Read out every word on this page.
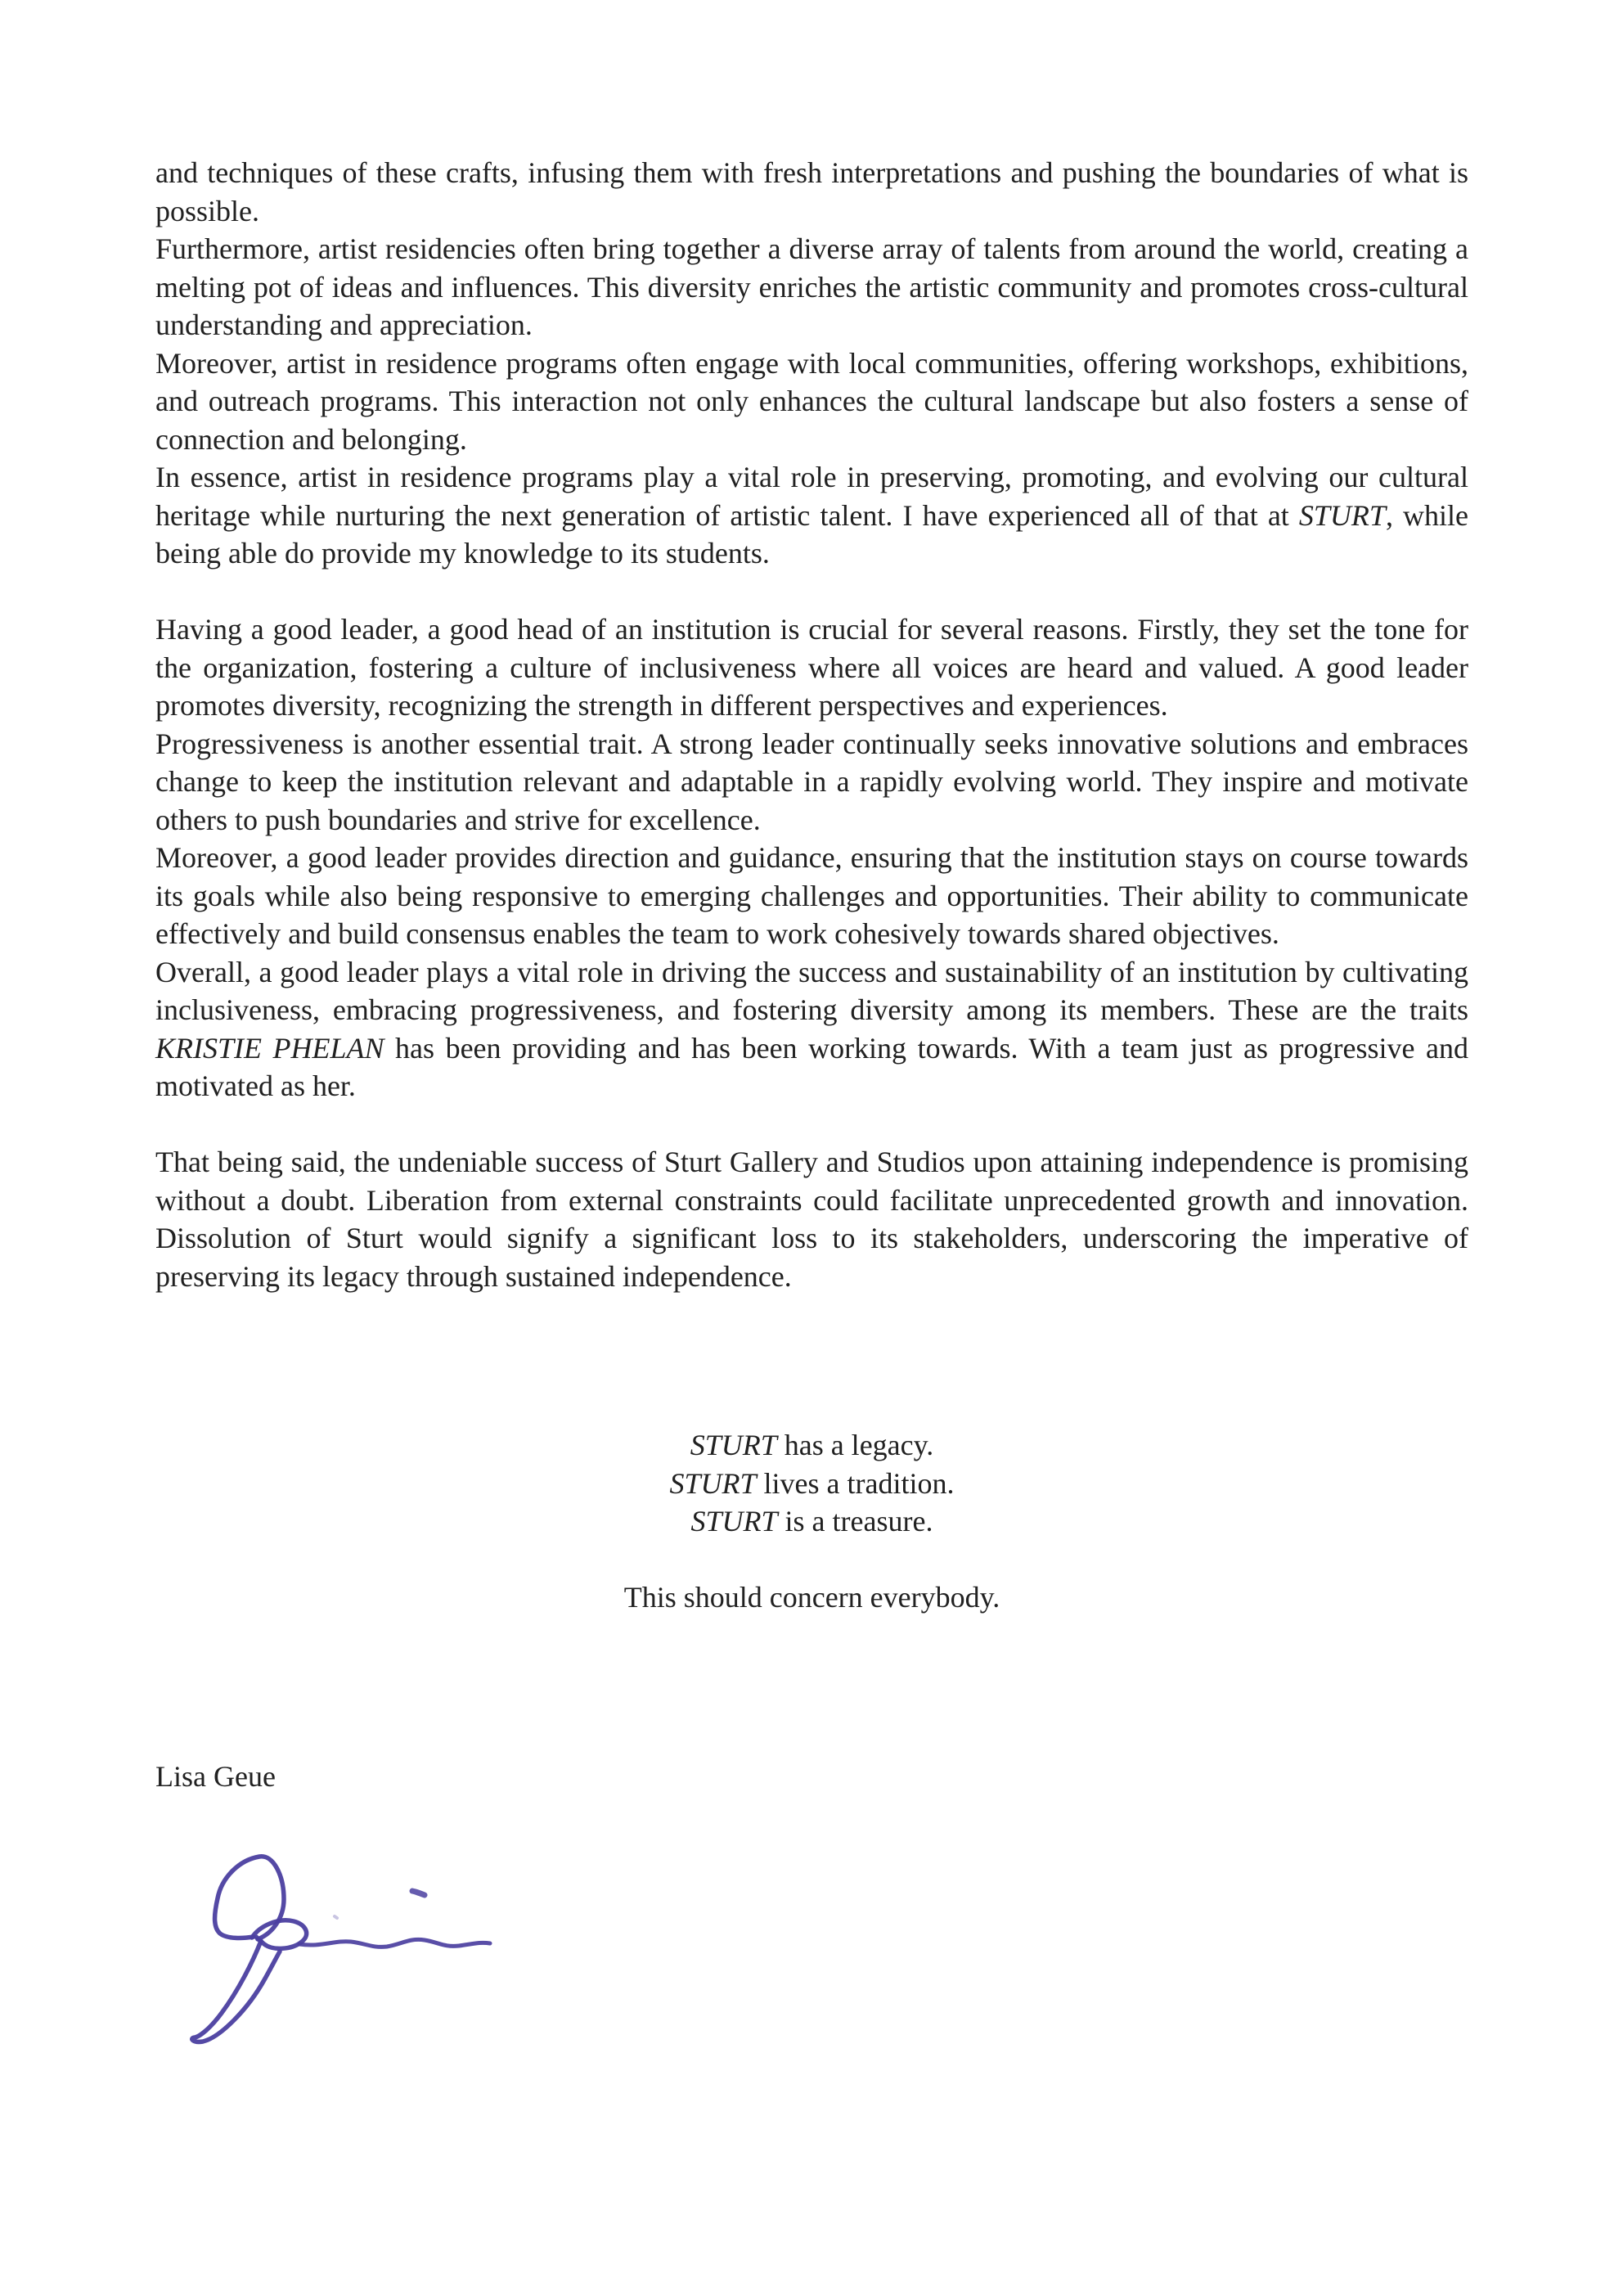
and techniques of these crafts, infusing them with fresh interpretations and pushing the boundaries of what is possible.

Furthermore, artist residencies often bring together a diverse array of talents from around the world, creating a melting pot of ideas and influences. This diversity enriches the artistic community and promotes cross-cultural understanding and appreciation.

Moreover, artist in residence programs often engage with local communities, offering workshops, exhibitions, and outreach programs. This interaction not only enhances the cultural landscape but also fosters a sense of connection and belonging.

In essence, artist in residence programs play a vital role in preserving, promoting, and evolving our cultural heritage while nurturing the next generation of artistic talent. I have experienced all of that at STURT, while being able do provide my knowledge to its students.

Having a good leader, a good head of an institution is crucial for several reasons. Firstly, they set the tone for the organization, fostering a culture of inclusiveness where all voices are heard and valued. A good leader promotes diversity, recognizing the strength in different perspectives and experiences.

Progressiveness is another essential trait. A strong leader continually seeks innovative solutions and embraces change to keep the institution relevant and adaptable in a rapidly evolving world. They inspire and motivate others to push boundaries and strive for excellence.

Moreover, a good leader provides direction and guidance, ensuring that the institution stays on course towards its goals while also being responsive to emerging challenges and opportunities. Their ability to communicate effectively and build consensus enables the team to work cohesively towards shared objectives.

Overall, a good leader plays a vital role in driving the success and sustainability of an institution by cultivating inclusiveness, embracing progressiveness, and fostering diversity among its members. These are the traits KRISTIE PHELAN has been providing and has been working towards. With a team just as progressive and motivated as her.

That being said, the undeniable success of Sturt Gallery and Studios upon attaining independence is promising without a doubt. Liberation from external constraints could facilitate unprecedented growth and innovation. Dissolution of Sturt would signify a significant loss to its stakeholders, underscoring the imperative of preserving its legacy through sustained independence.

STURT has a legacy.

STURT lives a tradition.

STURT is a treasure.

This should concern everybody.

Lisa Geue
